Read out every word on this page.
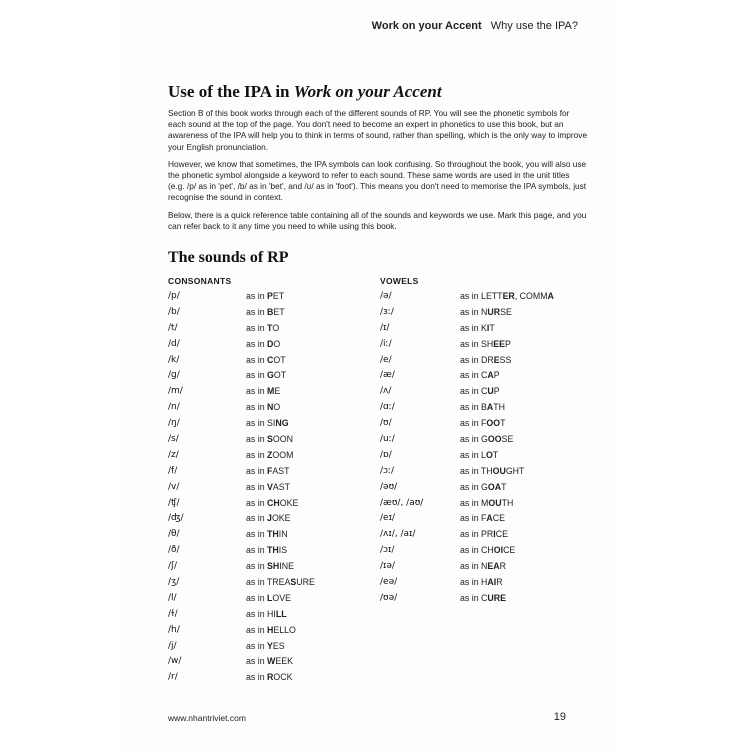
Work on your Accent Why use the IPA?
Use of the IPA in Work on your Accent

Section B of this book works through each of the different sounds of RP. You will see the phonetic symbols for each sound at the top of the page. You don't need to become an expert in phonetics to use this book, but an awareness of the IPA will help you to think in terms of sound, rather than spelling, which is the only way to improve your English pronunciation.

However, we know that sometimes, the IPA symbols can look confusing. So throughout the book, you will also use the phonetic symbol alongside a keyword to refer to each sound. These same words are used in the unit titles (e.g. /p/ as in 'pet', /b/ as in 'bet', and /ʊ/ as in 'foot'). This means you don't need to memorise the IPA symbols, just recognise the sound in context.

Below, there is a quick reference table containing all of the sounds and keywords we use. Mark this page, and you can refer back to it any time you need to while using this book.

The sounds of RP
CONSONANTS
/p/	as in PET
/b/	as in BET
/t/	as in TO
/d/	as in DO
/k/	as in COT
/g/	as in GOT
/m/	as in ME
/n/	as in NO
/ŋ/	as in SING
/s/	as in SOON
/z/	as in ZOOM
/f/	as in FAST
/v/	as in VAST
/ʧ/	as in CHOKE
/ʤ/	as in JOKE
/θ/	as in THIN
/ð/	as in THIS
/ʃ/	as in SHINE
/ʒ/	as in TREASURE
/l/	as in LOVE
/ɫ/	as in HILL
/h/	as in HELLO
/j/	as in YES
/w/	as in WEEK
/r/	as in ROCK
VOWELS
/ə/	as in LETTER, COMMA
/ɜː/	as in NURSE
/ɪ/	as in KIT
/iː/	as in SHEEP
/e/	as in DRESS
/æ/	as in CAP
/ʌ/	as in CUP
/ɑː/	as in BATH
/ʊ/	as in FOOT
/uː/	as in GOOSE
/ɒ/	as in LOT
/ɔː/	as in THOUGHT
/əʊ/	as in GOAT
/æʊ/, /aʊ/	as in MOUTH
/eɪ/	as in FACE
/ʌɪ/, /aɪ/	as in PRICE
/ɔɪ/	as in CHOICE
/ɪə/	as in NEAR
/eə/	as in HAIR
/ʊə/	as in CURE
www.nhantriviet.com	19
